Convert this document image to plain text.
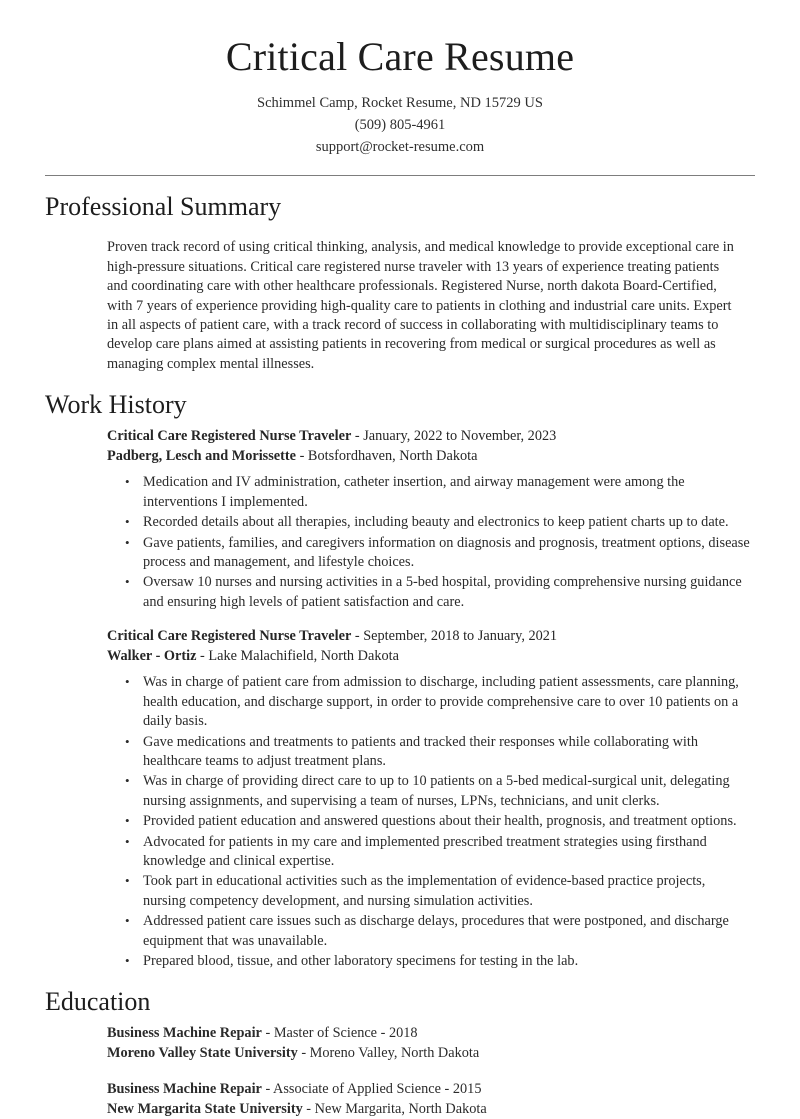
Critical Care Resume
Schimmel Camp, Rocket Resume, ND 15729 US
(509) 805-4961
support@rocket-resume.com
Professional Summary

Proven track record of using critical thinking, analysis, and medical knowledge to provide exceptional care in high-pressure situations. Critical care registered nurse traveler with 13 years of experience treating patients and coordinating care with other healthcare professionals. Registered Nurse, north dakota Board-Certified, with 7 years of experience providing high-quality care to patients in clothing and industrial care units. Expert in all aspects of patient care, with a track record of success in collaborating with multidisciplinary teams to develop care plans aimed at assisting patients in recovering from medical or surgical procedures as well as managing complex mental illnesses.

Work History
Critical Care Registered Nurse Traveler - January, 2022 to November, 2023
Padberg, Lesch and Morissette - Botsfordhaven, North Dakota
• Medication and IV administration, catheter insertion, and airway management were among the interventions I implemented.
• Recorded details about all therapies, including beauty and electronics to keep patient charts up to date.
• Gave patients, families, and caregivers information on diagnosis and prognosis, treatment options, disease process and management, and lifestyle choices.
• Oversaw 10 nurses and nursing activities in a 5-bed hospital, providing comprehensive nursing guidance and ensuring high levels of patient satisfaction and care.
Critical Care Registered Nurse Traveler - September, 2018 to January, 2021
Walker - Ortiz - Lake Malachifield, North Dakota
• Was in charge of patient care from admission to discharge, including patient assessments, care planning, health education, and discharge support, in order to provide comprehensive care to over 10 patients on a daily basis.
• Gave medications and treatments to patients and tracked their responses while collaborating with healthcare teams to adjust treatment plans.
• Was in charge of providing direct care to up to 10 patients on a 5-bed medical-surgical unit, delegating nursing assignments, and supervising a team of nurses, LPNs, technicians, and unit clerks.
• Provided patient education and answered questions about their health, prognosis, and treatment options.
• Advocated for patients in my care and implemented prescribed treatment strategies using firsthand knowledge and clinical expertise.
• Took part in educational activities such as the implementation of evidence-based practice projects, nursing competency development, and nursing simulation activities.
• Addressed patient care issues such as discharge delays, procedures that were postponed, and discharge equipment that was unavailable.
• Prepared blood, tissue, and other laboratory specimens for testing in the lab.
Education
Business Machine Repair - Master of Science - 2018
Moreno Valley State University - Moreno Valley, North Dakota
Business Machine Repair - Associate of Applied Science - 2015
New Margarita State University - New Margarita, North Dakota
